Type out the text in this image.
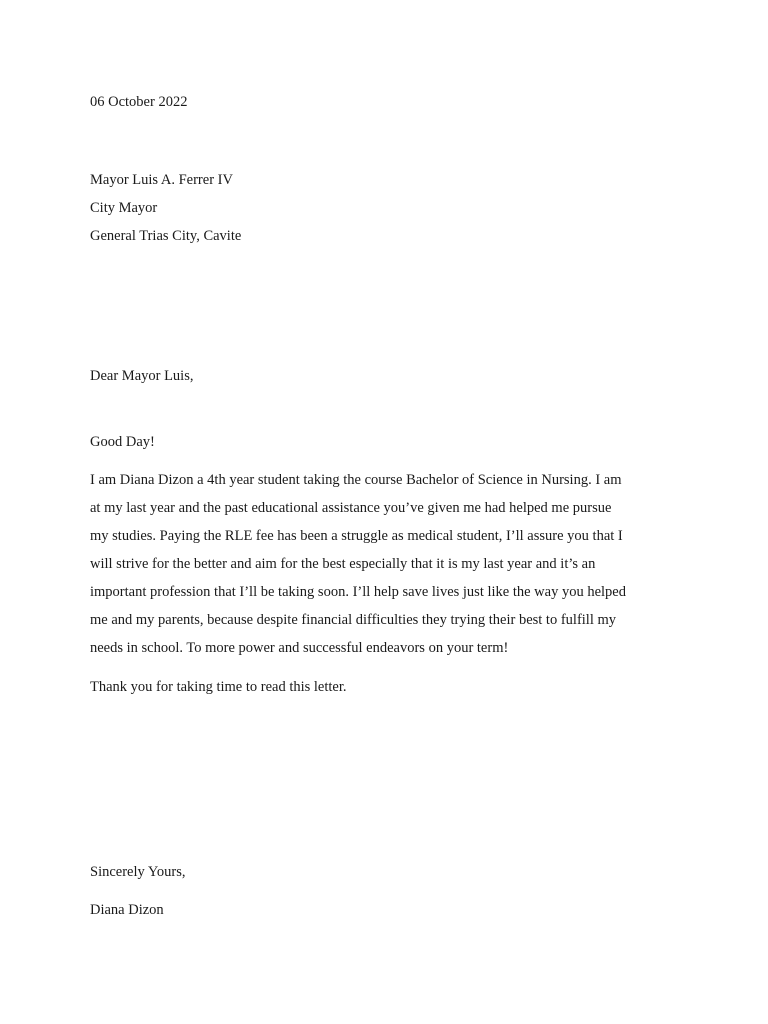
06 October 2022
Mayor Luis A. Ferrer IV
City Mayor
General Trias City, Cavite
Dear Mayor Luis,
Good Day!
I am Diana Dizon a 4th year student taking the course Bachelor of Science in Nursing. I am
at my last year and the past educational assistance you’ve given me had helped me pursue
my studies. Paying the RLE fee has been a struggle as medical student, I’ll assure you that I
will strive for the better and aim for the best especially that it is my last year and it’s an
important profession that I’ll be taking soon. I’ll help save lives just like the way you helped
me and my parents, because despite financial difficulties they trying their best to fulfill my
needs in school. To more power and successful endeavors on your term!
Thank you for taking time to read this letter.
Sincerely Yours,
Diana Dizon
